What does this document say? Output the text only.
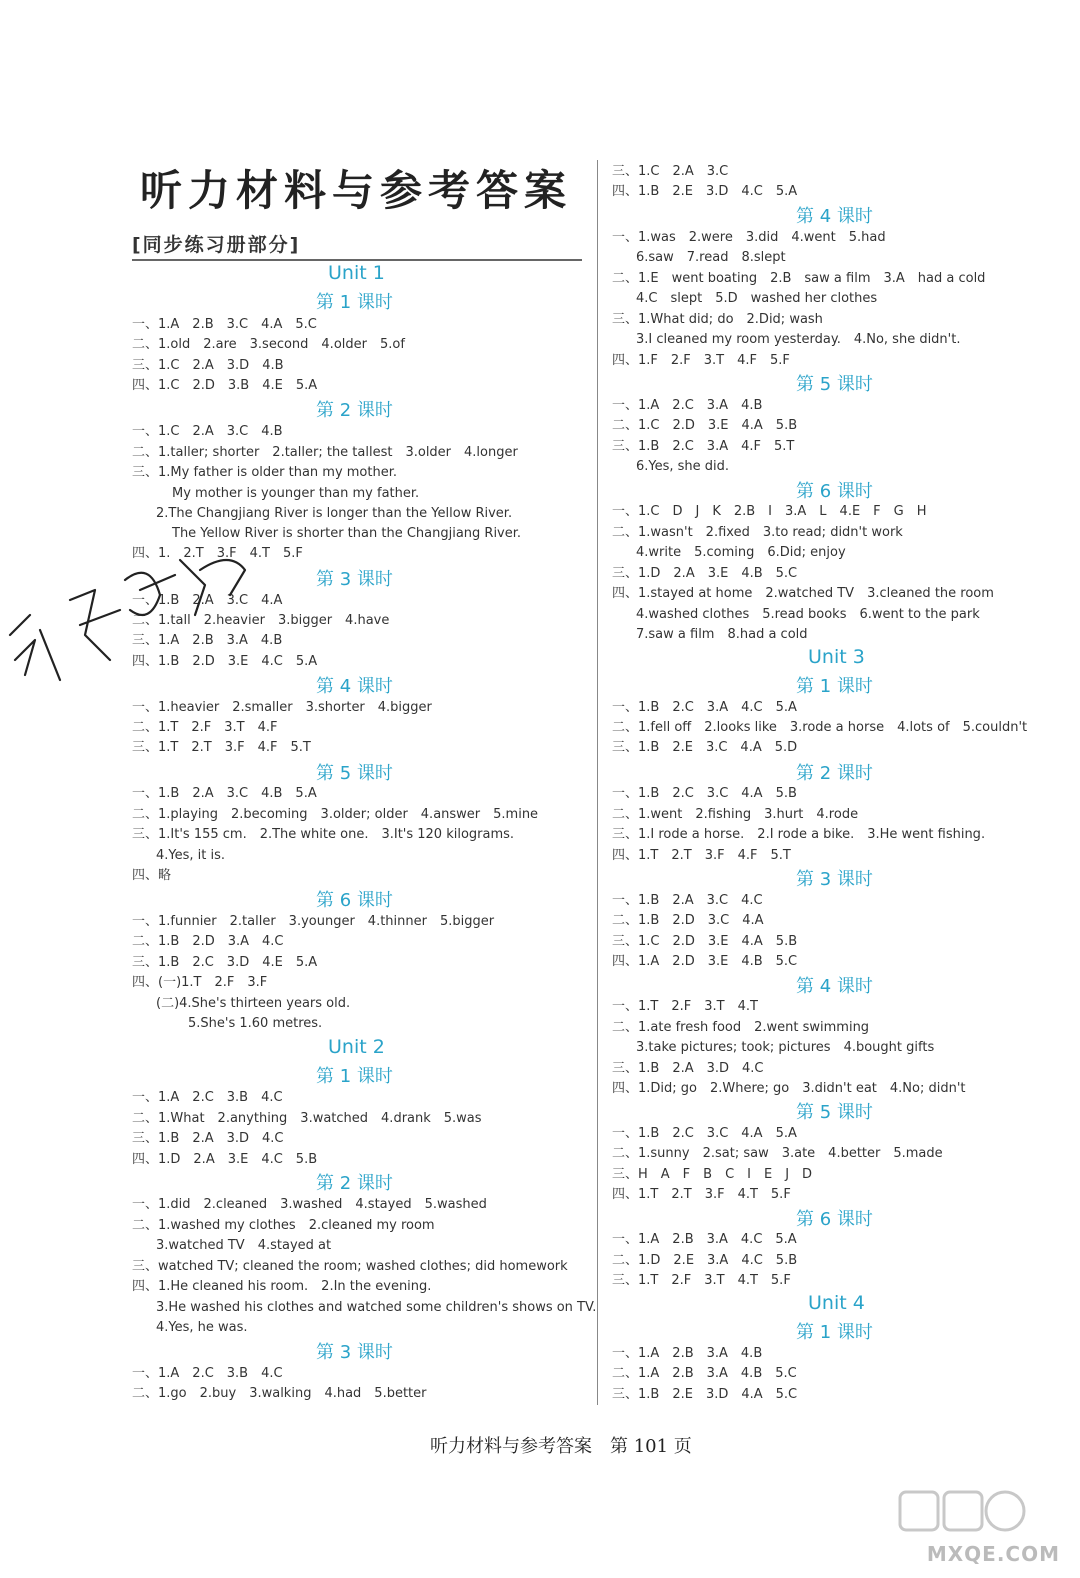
听力材料与参考答案
[同步练习册部分]
Unit 1
第 1 课时
一、1.A　2.B　3.C　4.A　5.C
二、1.old　2.are　3.second　4.older　5.of
三、1.C　2.A　3.D　4.B
四、1.C　2.D　3.B　4.E　5.A
第 2 课时
一、1.C　2.A　3.C　4.B
二、1.taller; shorter　2.taller; the tallest　3.older　4.longer
三、1.My father is older than my mother.
My mother is younger than my father.
2.The Changjiang River is longer than the Yellow River.
The Yellow River is shorter than the Changjiang River.
四、1.　2.T　3.F　4.T　5.F
第 3 课时
一、1.B　2.A　3.C　4.A
二、1.tall　2.heavier　3.bigger　4.have
三、1.A　2.B　3.A　4.B
四、1.B　2.D　3.E　4.C　5.A
第 4 课时
一、1.heavier　2.smaller　3.shorter　4.bigger
二、1.T　2.F　3.T　4.F
三、1.T　2.T　3.F　4.F　5.T
第 5 课时
一、1.B　2.A　3.C　4.B　5.A
二、1.playing　2.becoming　3.older; older　4.answer　5.mine
三、1.It's 155 cm.　2.The white one.　3.It's 120 kilograms.
4.Yes, it is.
四、略
第 6 课时
一、1.funnier　2.taller　3.younger　4.thinner　5.bigger
二、1.B　2.D　3.A　4.C
三、1.B　2.C　3.D　4.E　5.A
四、(一)1.T　2.F　3.F
(二)4.She's thirteen years old.
5.She's 1.60 metres.
Unit 2
第 1 课时
一、1.A　2.C　3.B　4.C
二、1.What　2.anything　3.watched　4.drank　5.was
三、1.B　2.A　3.D　4.C
四、1.D　2.A　3.E　4.C　5.B
第 2 课时
一、1.did　2.cleaned　3.washed　4.stayed　5.washed
二、1.washed my clothes　2.cleaned my room
3.watched TV　4.stayed at
三、watched TV; cleaned the room; washed clothes; did homework
四、1.He cleaned his room.　2.In the evening.
3.He washed his clothes and watched some children's shows on TV.
4.Yes, he was.
第 3 课时
一、1.A　2.C　3.B　4.C
二、1.go　2.buy　3.walking　4.had　5.better
三、1.C　2.A　3.C
四、1.B　2.E　3.D　4.C　5.A
第 4 课时
一、1.was　2.were　3.did　4.went　5.had
6.saw　7.read　8.slept
二、1.E　went boating　2.B　saw a film　3.A　had a cold
4.C　slept　5.D　washed her clothes
三、1.What did; do　2.Did; wash
3.I cleaned my room yesterday.　4.No, she didn't.
四、1.F　2.F　3.T　4.F　5.F
第 5 课时
一、1.A　2.C　3.A　4.B
二、1.C　2.D　3.E　4.A　5.B
三、1.B　2.C　3.A　4.F　5.T
6.Yes, she did.
第 6 课时
一、1.C　D　J　K　2.B　I　3.A　L　4.E　F　G　H
二、1.wasn't　2.fixed　3.to read; didn't work
4.write　5.coming　6.Did; enjoy
三、1.D　2.A　3.E　4.B　5.C
四、1.stayed at home　2.watched TV　3.cleaned the room
4.washed clothes　5.read books　6.went to the park
7.saw a film　8.had a cold
Unit 3
第 1 课时
一、1.B　2.C　3.A　4.C　5.A
二、1.fell off　2.looks like　3.rode a horse　4.lots of　5.couldn't
三、1.B　2.E　3.C　4.A　5.D
第 2 课时
一、1.B　2.C　3.C　4.A　5.B
二、1.went　2.fishing　3.hurt　4.rode
三、1.I rode a horse.　2.I rode a bike.　3.He went fishing.
四、1.T　2.T　3.F　4.F　5.T
第 3 课时
一、1.B　2.A　3.C　4.C
二、1.B　2.D　3.C　4.A
三、1.C　2.D　3.E　4.A　5.B
四、1.A　2.D　3.E　4.B　5.C
第 4 课时
一、1.T　2.F　3.T　4.T
二、1.ate fresh food　2.went swimming
3.take pictures; took; pictures　4.bought gifts
三、1.B　2.A　3.D　4.C
四、1.Did; go　2.Where; go　3.didn't eat　4.No; didn't
第 5 课时
一、1.B　2.C　3.C　4.A　5.A
二、1.sunny　2.sat; saw　3.ate　4.better　5.made
三、H　A　F　B　C　I　E　J　D
四、1.T　2.T　3.F　4.T　5.F
第 6 课时
一、1.A　2.B　3.A　4.C　5.A
二、1.D　2.E　3.A　4.C　5.B
三、1.T　2.F　3.T　4.T　5.F
Unit 4
第 1 课时
一、1.A　2.B　3.A　4.B
二、1.A　2.B　3.A　4.B　5.C
三、1.B　2.E　3.D　4.A　5.C
MXQE.COM
听力材料与参考答案　第 101 页
